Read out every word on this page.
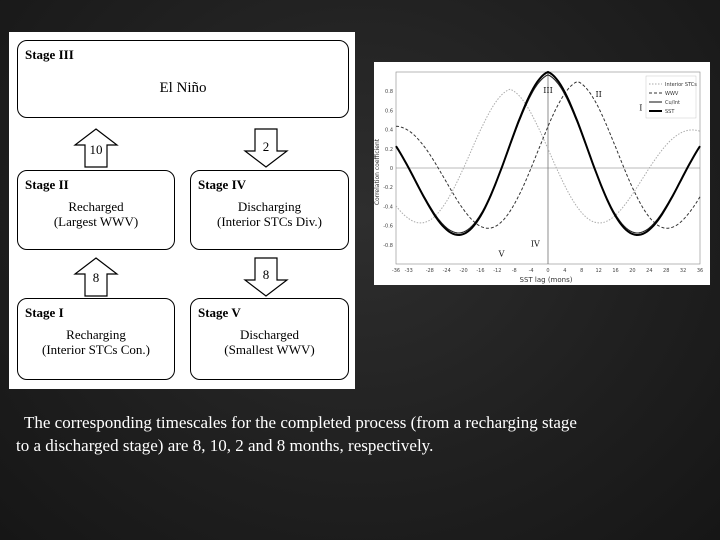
Stage III
El Niño
10	2
Stage II
Recharged
(Largest WWV)
Stage IV
Discharging
(Interior STCs Div.)
8	8
Stage I
Recharging
(Interior STCs Con.)
Stage V
Discharged
(Smallest WWV)
0.8
0.6
0.4
0.2
0
-0.2
-0.4
-0.6
-0.8
-36 -33	-28 -24 -20 -16 -12 -8 -4	0	4	8 12 16 20 24 28 32 36
Interior STCs
WWV
Cu/Int
SST
I
II
III
IV
V
Correlation coefficient
SST lag (mons)
The corresponding timescales for the completed process (from a recharging stage
to a discharged stage) are 8, 10, 2 and 8 months, respectively.
